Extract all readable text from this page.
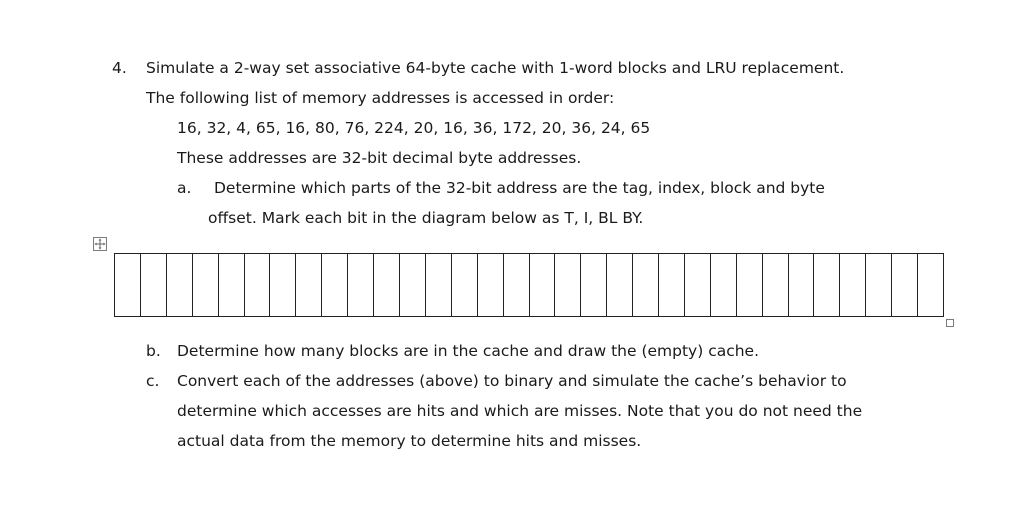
4. Simulate a 2-way set associative 64-byte cache with 1-word blocks and LRU replacement.
The following list of memory addresses is accessed in order:
16, 32, 4, 65, 16, 80, 76, 224, 20, 16, 36, 172, 20, 36, 24, 65
These addresses are 32-bit decimal byte addresses.
a. Determine which parts of the 32-bit address are the tag, index, block and byte
offset. Mark each bit in the diagram below as T, I, BL BY.

b. Determine how many blocks are in the cache and draw the (empty) cache.
c. Convert each of the addresses (above) to binary and simulate the cache’s behavior to
determine which accesses are hits and which are misses. Note that you do not need the
actual data from the memory to determine hits and misses.
